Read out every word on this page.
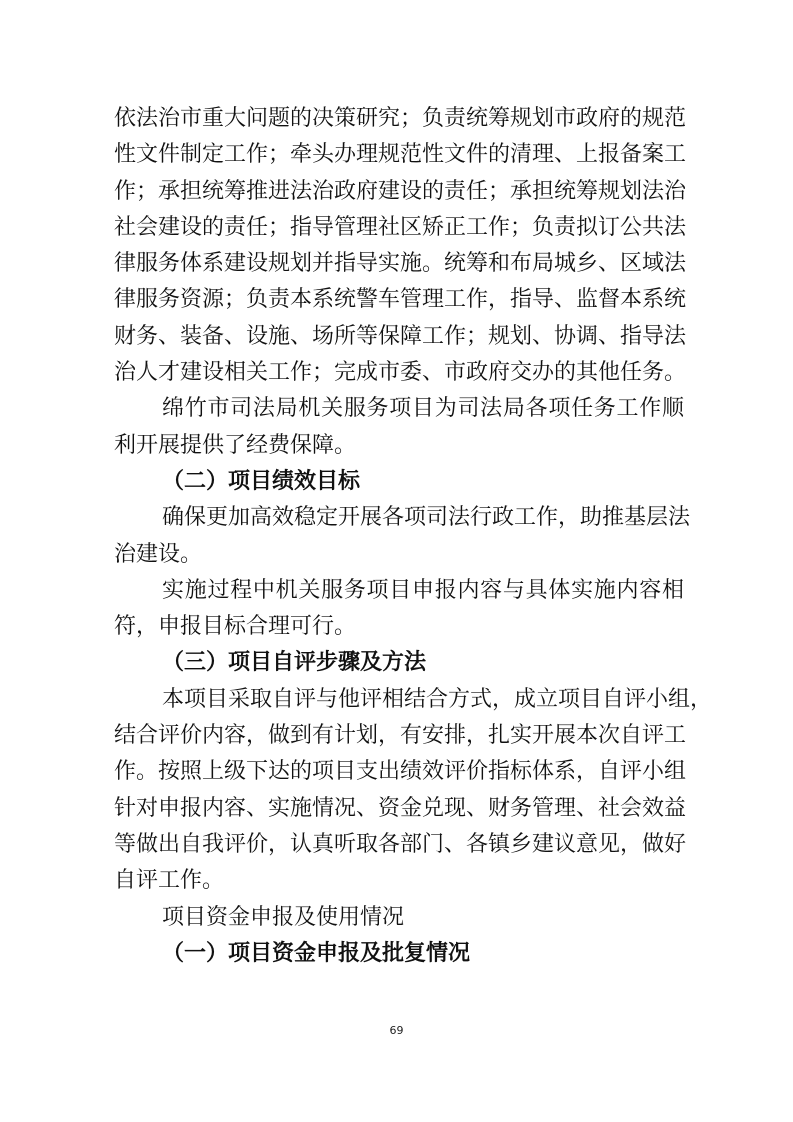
依法治市重大问题的决策研究；负责统筹规划市政府的规范
性文件制定工作；牵头办理规范性文件的清理、上报备案工
作；承担统筹推进法治政府建设的责任；承担统筹规划法治
社会建设的责任；指导管理社区矫正工作；负责拟订公共法
律服务体系建设规划并指导实施。统筹和布局城乡、区域法
律服务资源；负责本系统警车管理工作，指导、监督本系统
财务、装备、设施、场所等保障工作；规划、协调、指导法
治人才建设相关工作；完成市委、市政府交办的其他任务。
绵竹市司法局机关服务项目为司法局各项任务工作顺
利开展提供了经费保障。
（二）项目绩效目标
确保更加高效稳定开展各项司法行政工作，助推基层法
治建设。
实施过程中机关服务项目申报内容与具体实施内容相
符，申报目标合理可行。
（三）项目自评步骤及方法
本项目采取自评与他评相结合方式，成立项目自评小组，
结合评价内容，做到有计划，有安排，扎实开展本次自评工
作。按照上级下达的项目支出绩效评价指标体系，自评小组
针对申报内容、实施情况、资金兑现、财务管理、社会效益
等做出自我评价，认真听取各部门、各镇乡建议意见，做好
自评工作。
项目资金申报及使用情况
（一）项目资金申报及批复情况
69
